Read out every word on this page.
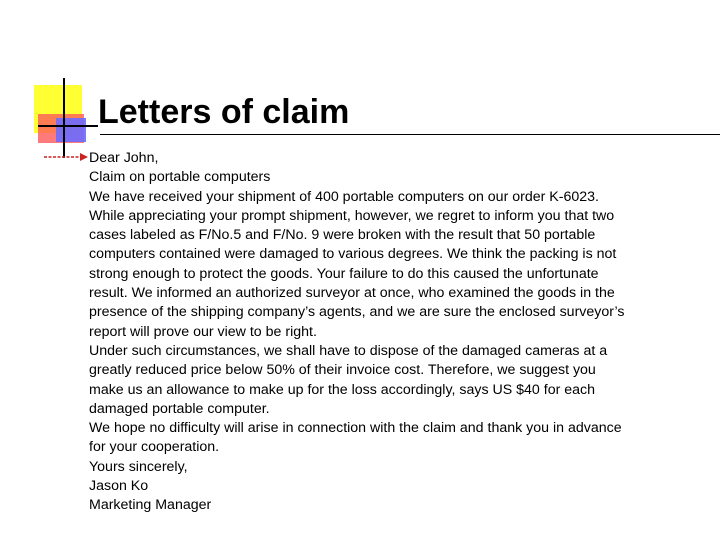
Letters of claim
Dear John,
Claim on portable computers
We have received your shipment of 400 portable computers on our order K-6023.
While appreciating your prompt shipment, however, we regret to inform you that two
cases labeled as F/No.5 and F/No. 9 were broken with the result that 50 portable
computers contained were damaged to various degrees. We think the packing is not
strong enough to protect the goods. Your failure to do this caused the unfortunate
result. We informed an authorized surveyor at once, who examined the goods in the
presence of the shipping company’s agents, and we are sure the enclosed surveyor’s
report will prove our view to be right.
Under such circumstances, we shall have to dispose of the damaged cameras at a
greatly reduced price below 50% of their invoice cost. Therefore, we suggest you
make us an allowance to make up for the loss accordingly, says US $40 for each
damaged portable computer.
We hope no difficulty will arise in connection with the claim and thank you in advance
for your cooperation.
Yours sincerely,
Jason Ko
Marketing Manager
